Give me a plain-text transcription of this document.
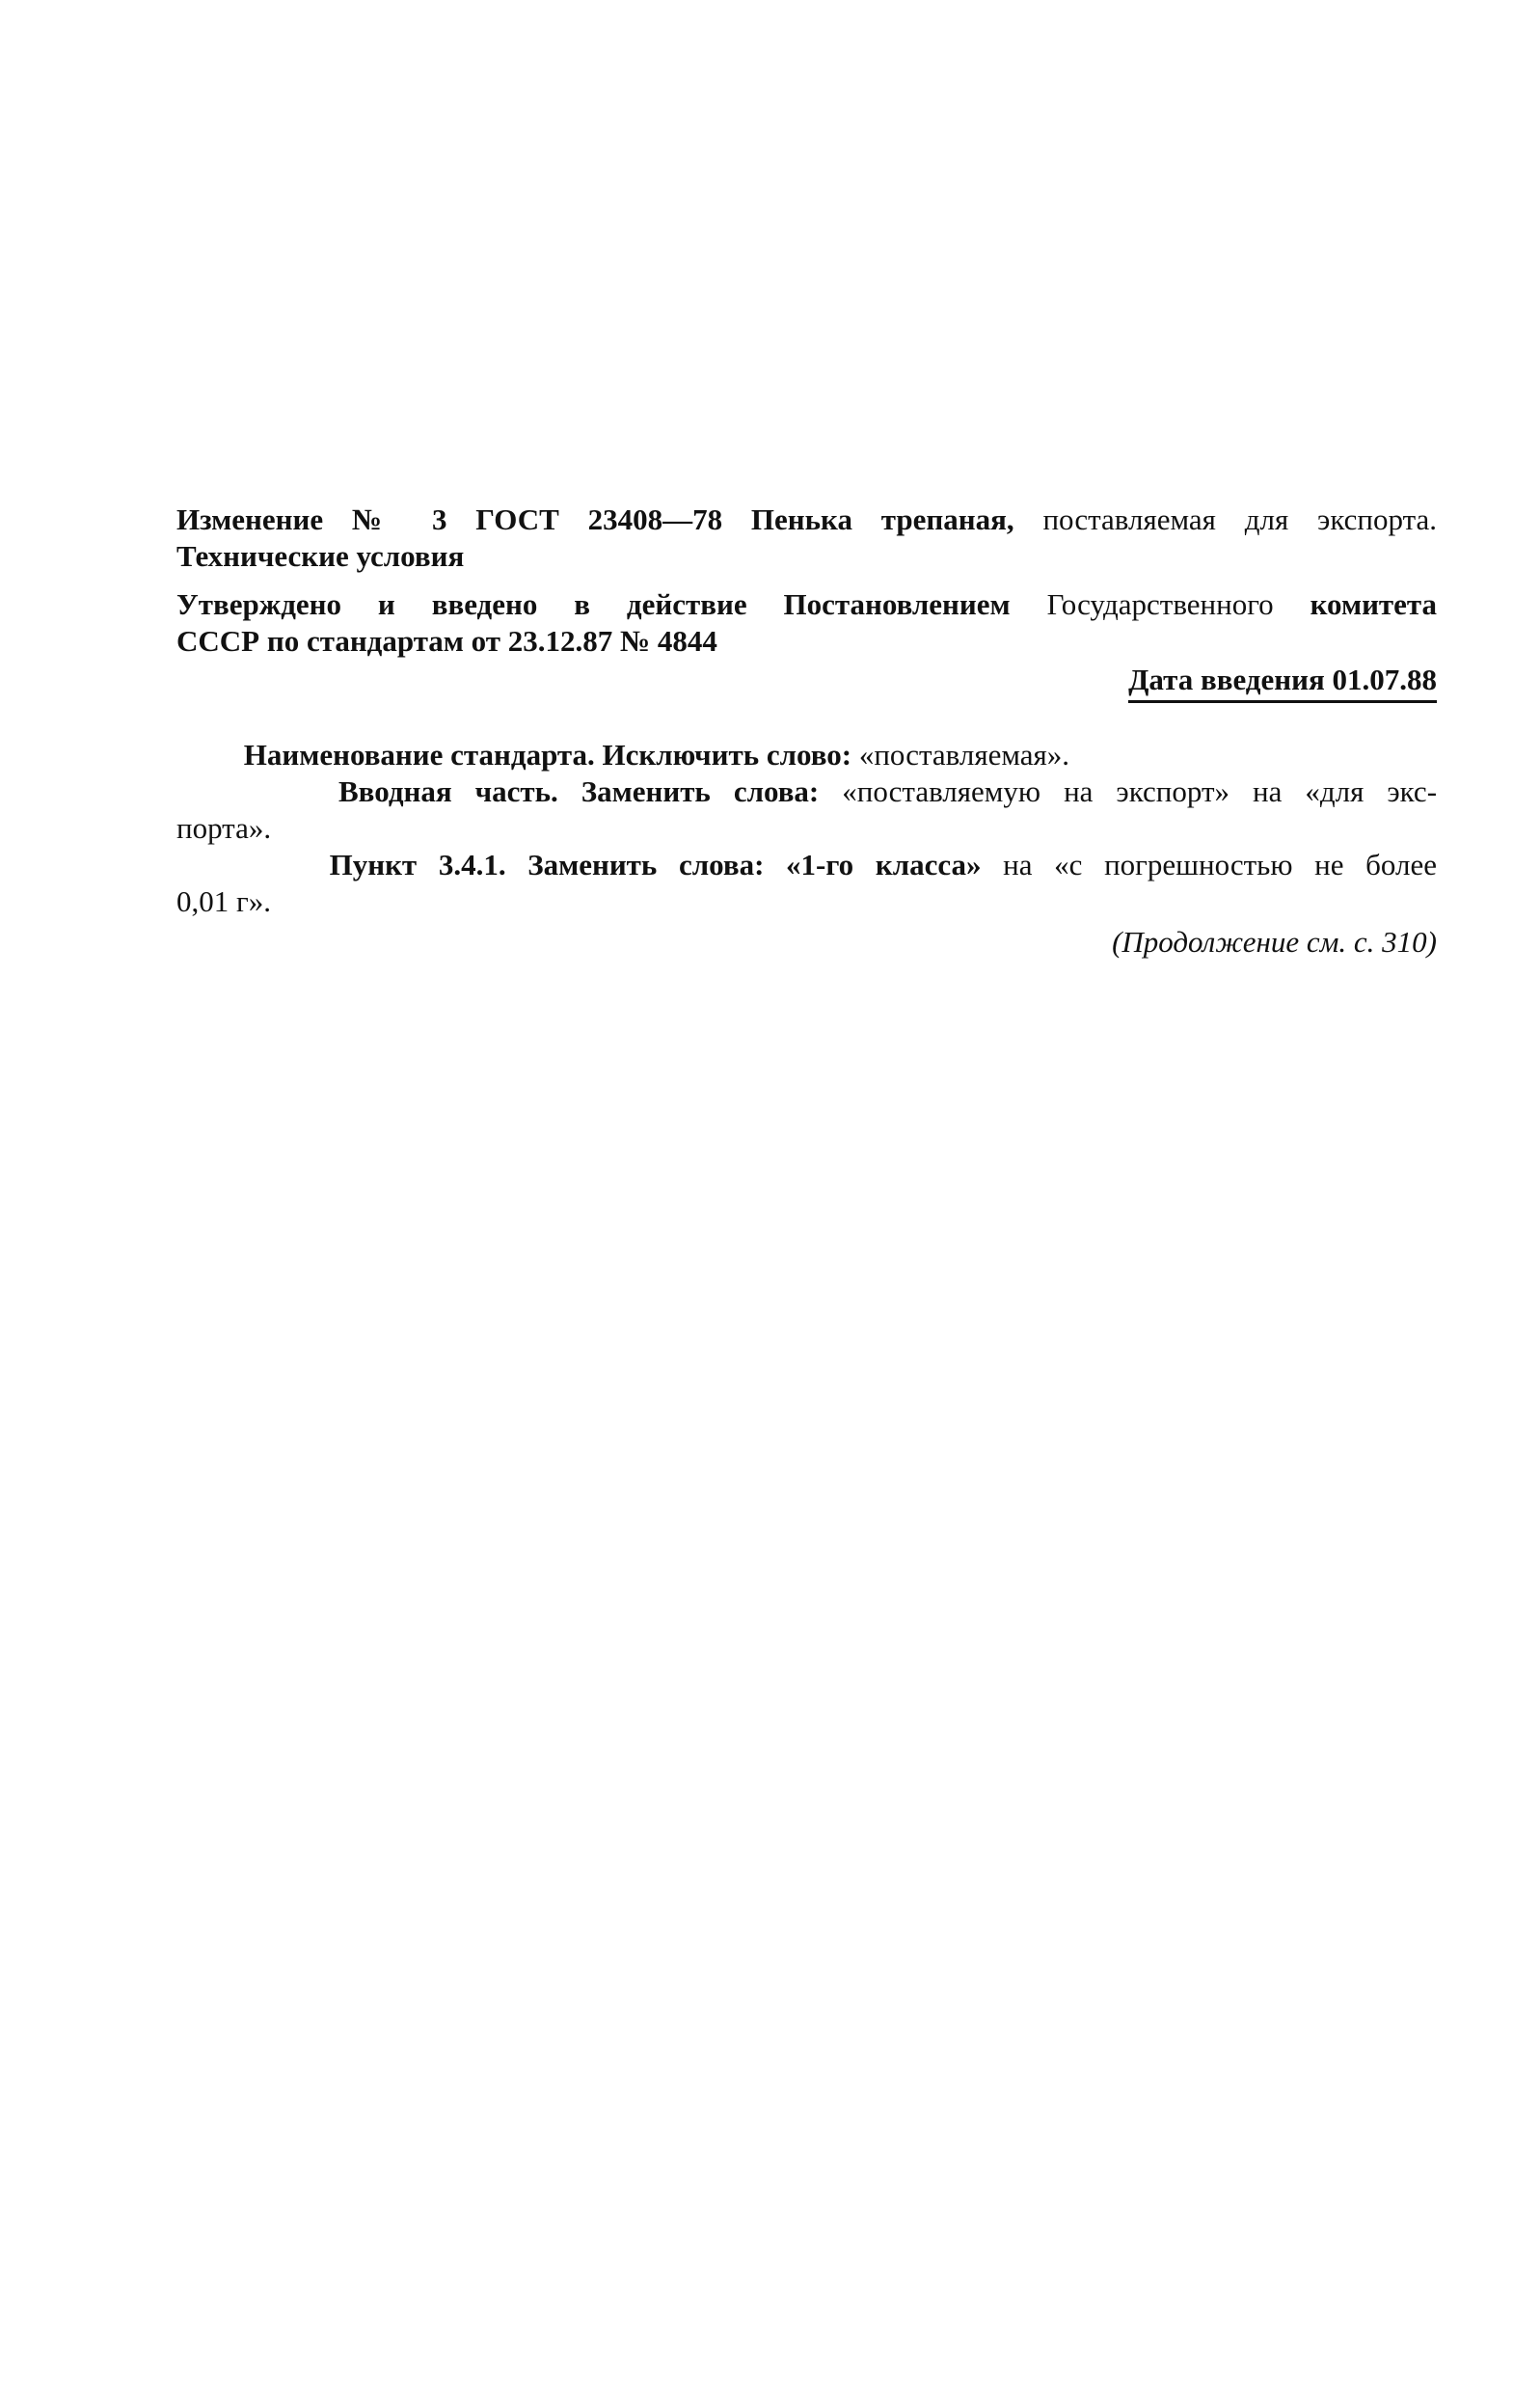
Изменение № 3 ГОСТ 23408—78 Пенька трепаная, поставляемая для экспорта.
Технические условия
Утверждено и введено в действие Постановлением Государственного комитета
СССР по стандартам от 23.12.87 № 4844
Дата введения 01.07.88

Наименование стандарта. Исключить слово: «поставляемая».
Вводная часть. Заменить слова: «поставляемую на экспорт» на «для экс-
порта».
Пункт 3.4.1. Заменить слова: «1-го класса» на «с погрешностью не более
0,01 г».
(Продолжение см. с. 310)
